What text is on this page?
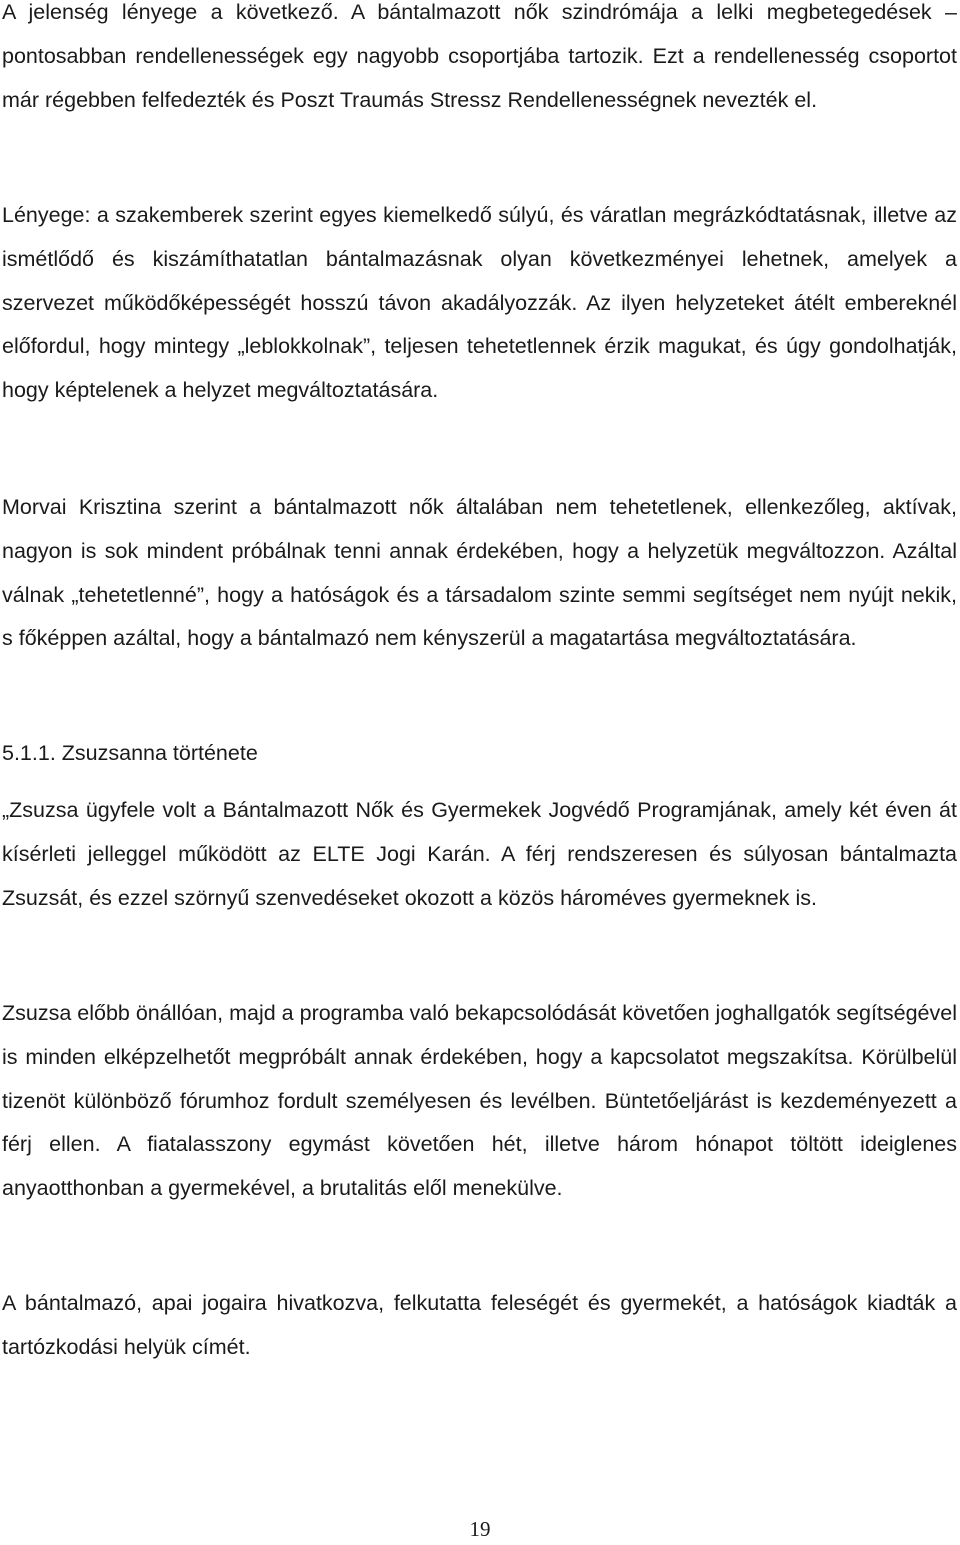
A jelenség lényege a következő. A bántalmazott nők szindrómája a lelki megbetegedések – pontosabban rendellenességek egy nagyobb csoportjába tartozik. Ezt a rendellenesség csoportot már régebben felfedezték és Poszt Traumás Stressz Rendellenességnek nevezték el.

Lényege: a szakemberek szerint egyes kiemelkedő súlyú, és váratlan megrázkódtatásnak, illetve az ismétlődő és kiszámíthatatlan bántalmazásnak olyan következményei lehetnek, amelyek a szervezet működőképességét hosszú távon akadályozzák. Az ilyen helyzeteket átélt embereknél előfordul, hogy mintegy „leblokkolnak”, teljesen tehetetlennek érzik magukat, és úgy gondolhatják, hogy képtelenek a helyzet megváltoztatására.

Morvai Krisztina szerint a bántalmazott nők általában nem tehetetlenek, ellenkezőleg, aktívak, nagyon is sok mindent próbálnak tenni annak érdekében, hogy a helyzetük megváltozzon. Azáltal válnak „tehetetlenné”, hogy a hatóságok és a társadalom szinte semmi segítséget nem nyújt nekik, s főképpen azáltal, hogy a bántalmazó nem kényszerül a magatartása megváltoztatására.

5.1.1. Zsuzsanna története

„Zsuzsa ügyfele volt a Bántalmazott Nők és Gyermekek Jogvédő Programjának, amely két éven át kísérleti jelleggel működött az ELTE Jogi Karán. A férj rendszeresen és súlyosan bántalmazta Zsuzsát, és ezzel szörnyű szenvedéseket okozott a közös hároméves gyermeknek is.

Zsuzsa előbb önállóan, majd a programba való bekapcsolódását követően joghallgatók segítségével is minden elképzelhetőt megpróbált annak érdekében, hogy a kapcsolatot megszakítsa. Körülbelül tizenöt különböző fórumhoz fordult személyesen és levélben. Büntetőeljárást is kezdeményezett a férj ellen. A fiatalasszony egymást követően hét, illetve három hónapot töltött ideiglenes anyaotthonban a gyermekével, a brutalitás elől menekülve.

A bántalmazó, apai jogaira hivatkozva, felkutatta feleségét és gyermekét, a hatóságok kiadták a tartózkodási helyük címét.

19
